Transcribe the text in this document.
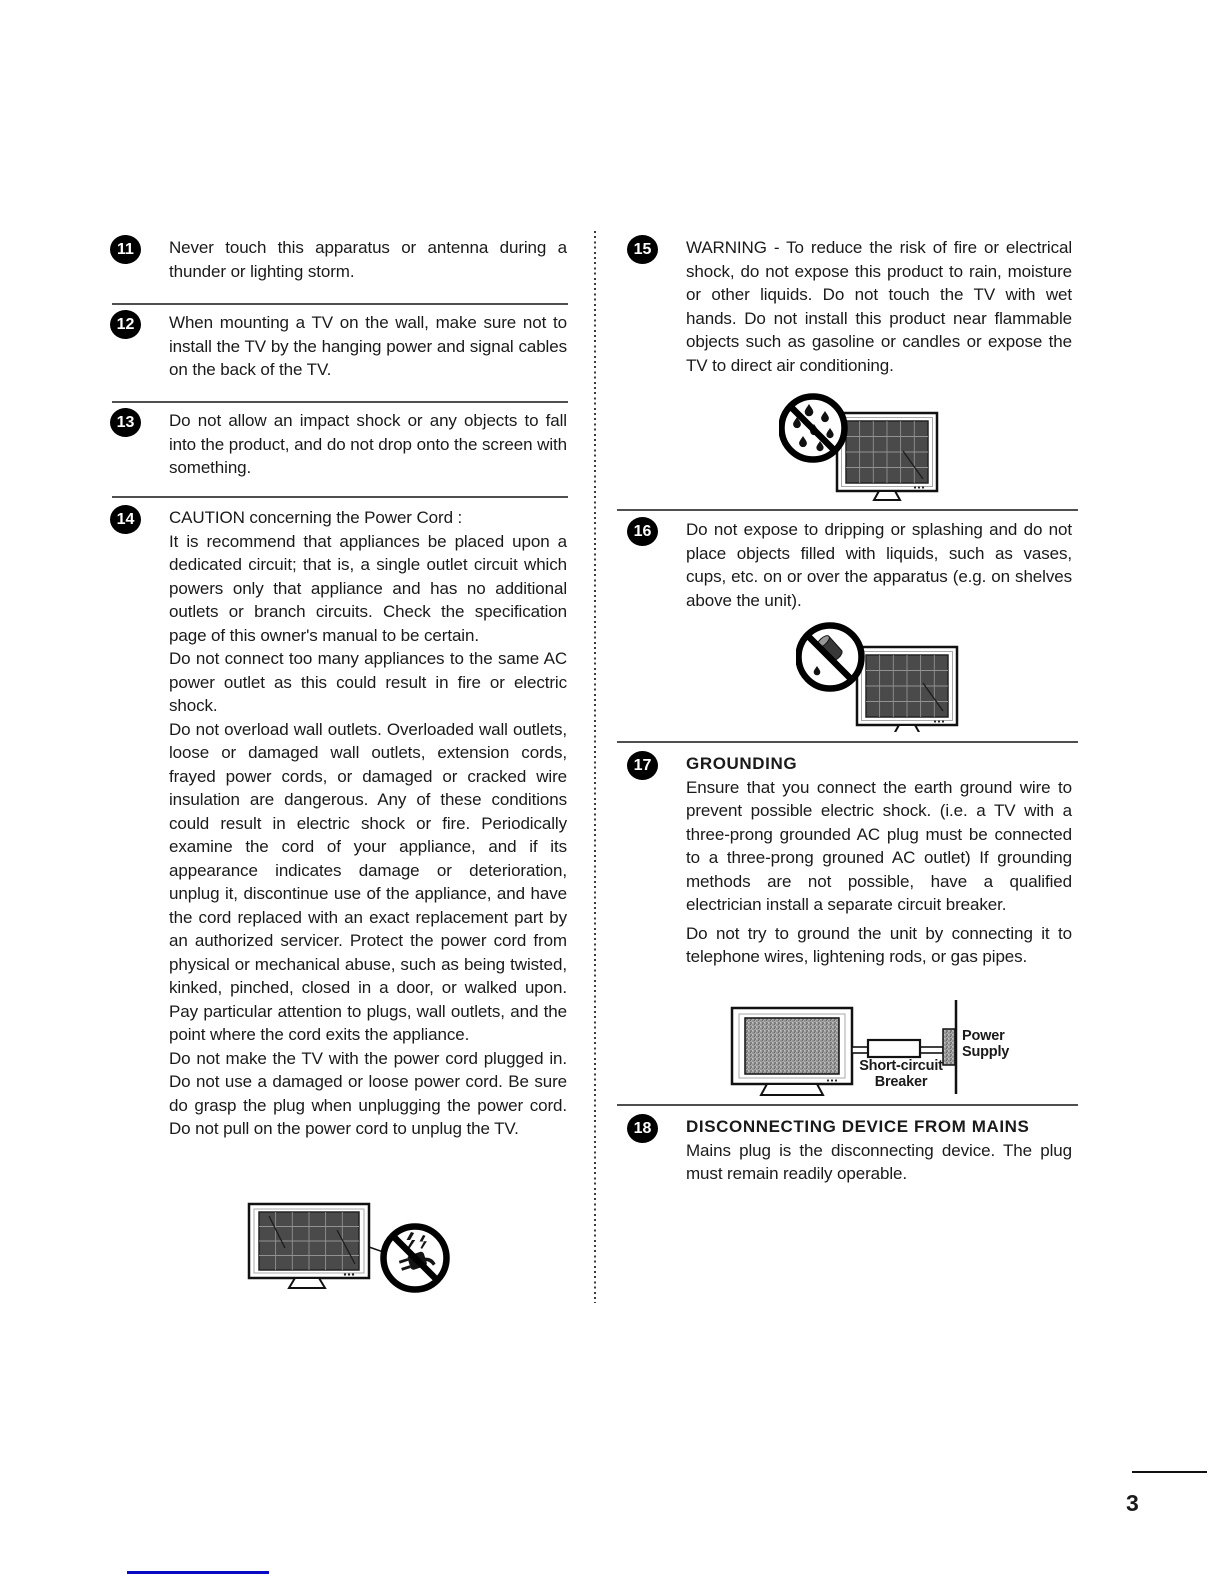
11	Never touch this apparatus or antenna during a thunder or lighting storm.

12	When mounting a TV on the wall, make sure not to install the TV by the hanging power and signal cables on the back of the TV.

13	Do not allow an impact shock or any objects to fall into the product, and do not drop onto the screen with something.

14	CAUTION concerning the Power Cord :

It is recommend that appliances be placed upon a dedicated circuit; that is, a single outlet circuit which powers only that appliance and has no additional outlets or branch circuits. Check the specification page of this owner's manual to be certain.

Do not connect too many appliances to the same AC power outlet as this could result in fire or electric shock.

Do not overload wall outlets. Overloaded wall outlets, loose or damaged wall outlets, extension cords, frayed power cords, or damaged or cracked wire insulation are dangerous. Any of these conditions could result in electric shock or fire. Periodically examine the cord of your appliance, and if its appearance indicates damage or deterioration, unplug it, discontinue use of the appliance, and have the cord replaced with an exact replacement part by an authorized servicer. Protect the power cord from physical or mechanical abuse, such as being twisted, kinked, pinched, closed in a door, or walked upon. Pay particular attention to plugs, wall outlets, and the point where the cord exits the appliance.

Do not make the TV with the power cord plugged in. Do not use a damaged or loose power cord. Be sure do grasp the plug when unplugging the power cord. Do not pull on the power cord to unplug the TV.

15	WARNING - To reduce the risk of fire or electrical shock, do not expose this product to rain, moisture or other liquids. Do not touch the TV with wet hands. Do not install this product near flammable objects such as gasoline or candles or expose the TV to direct air conditioning.

16	Do not expose to dripping or splashing and do not place objects filled with liquids, such as vases, cups, etc. on or over the apparatus (e.g. on shelves above the unit).

17	GROUNDING

Ensure that you connect the earth ground wire to prevent possible electric shock. (i.e. a TV with a three-prong grounded AC plug must be connected to a three-prong grouned AC outlet) If grounding methods are not possible, have a qualified electrician install a separate circuit breaker.

Do not try to ground the unit by connecting it to telephone wires, lightening rods, or gas pipes.

Short-circuit Breaker
Power Supply
18	DISCONNECTING DEVICE FROM MAINS

Mains plug is the disconnecting device. The plug must remain readily operable.

3
